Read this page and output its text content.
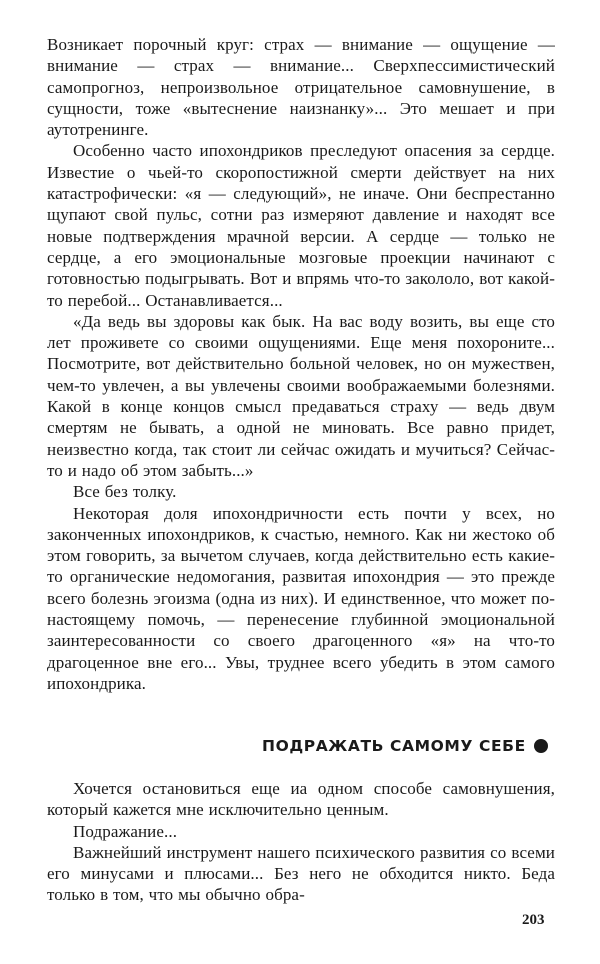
Возникает порочный круг: страх — внимание — ощущение — внимание — страх — внимание... Сверхпессимистический самопрогноз, непроизвольное отрицательное самовнушение, в сущности, тоже «вытеснение наизнанку»... Это мешает и при аутотренинге.

Особенно часто ипохондриков преследуют опасения за сердце. Известие о чьей-то скоропостижной смерти действует на них катастрофически: «я — следующий», не иначе. Они беспрестанно щупают свой пульс, сотни раз измеряют давление и находят все новые подтверждения мрачной версии. А сердце — только не сердце, а его эмоциональные мозговые проекции начинают с готовностью подыгрывать. Вот и впрямь что-то закололо, вот какой-то перебой... Останавливается...

«Да ведь вы здоровы как бык. На вас воду возить, вы еще сто лет проживете со своими ощущениями. Еще меня похороните... Посмотрите, вот действительно больной человек, но он мужествен, чем-то увлечен, а вы увлечены своими воображаемыми болезнями. Какой в конце концов смысл предаваться страху — ведь двум смертям не бывать, а одной не миновать. Все равно придет, неизвестно когда, так стоит ли сейчас ожидать и мучиться? Сейчас-то и надо об этом забыть...»

Все без толку.

Некоторая доля ипохондричности есть почти у всех, но законченных ипохондриков, к счастью, немного. Как ни жестоко об этом говорить, за вычетом случаев, когда действительно есть какие-то органические недомогания, развитая ипохондрия — это прежде всего болезнь эгоизма (одна из них). И единственное, что может по-настоящему помочь, — перенесение глубинной эмоциональной заинтересованности со своего драгоценного «я» на что-то драгоценное вне его... Увы, труднее всего убедить в этом самого ипохондрика.

ПОДРАЖАТЬ САМОМУ СЕБЕ

Хочется остановиться еще иа одном способе самовнушения, который кажется мне исключительно ценным.

Подражание...

Важнейший инструмент нашего психического развития со всеми его минусами и плюсами... Без него не обходится никто. Беда только в том, что мы обычно обра-

203
